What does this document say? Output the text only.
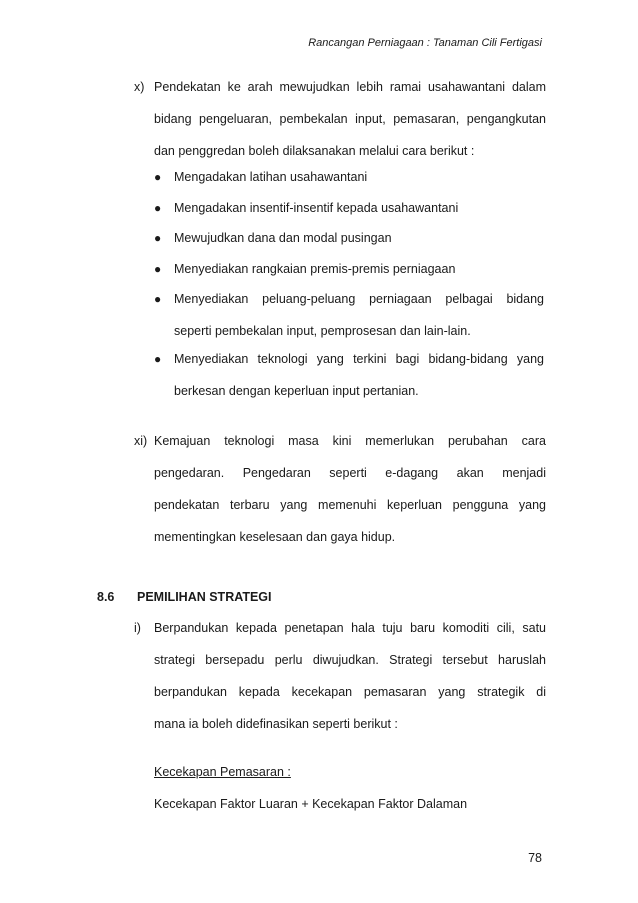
Rancangan Perniagaan : Tanaman Cili Fertigasi
x) Pendekatan ke arah mewujudkan lebih ramai usahawantani dalam
bidang pengeluaran, pembekalan input, pemasaran, pengangkutan
dan penggredan boleh dilaksanakan melalui cara berikut :
● Mengadakan latihan usahawantani
● Mengadakan insentif-insentif kepada usahawantani
● Mewujudkan dana dan modal pusingan
● Menyediakan rangkaian premis-premis perniagaan
● Menyediakan peluang-peluang perniagaan pelbagai bidang
seperti pembekalan input, pemprosesan dan lain-lain.
● Menyediakan teknologi yang terkini bagi bidang-bidang yang
berkesan dengan keperluan input pertanian.
xi) Kemajuan teknologi masa kini memerlukan perubahan cara
pengedaran. Pengedaran seperti e-dagang akan menjadi
pendekatan terbaru yang memenuhi keperluan pengguna yang
mementingkan keselesaan dan gaya hidup.
8.6 PEMILIHAN STRATEGI
i) Berpandukan kepada penetapan hala tuju baru komoditi cili, satu
strategi bersepadu perlu diwujudkan. Strategi tersebut haruslah
berpandukan kepada kecekapan pemasaran yang strategik di
mana ia boleh didefinasikan seperti berikut :
Kecekapan Pemasaran :
Kecekapan Faktor Luaran + Kecekapan Faktor Dalaman
78
